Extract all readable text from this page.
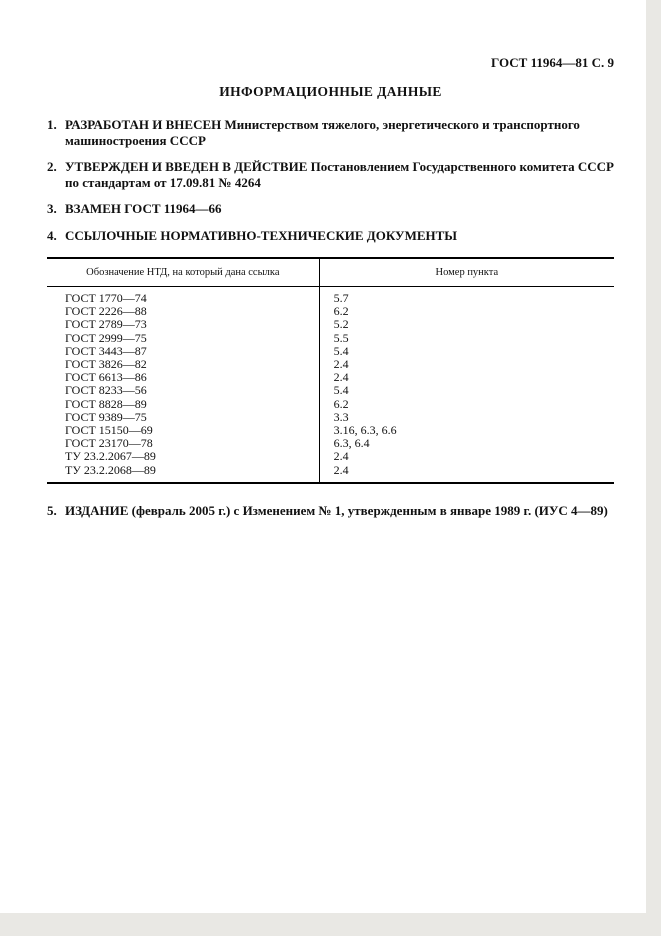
ГОСТ 11964—81 С. 9
ИНФОРМАЦИОННЫЕ ДАННЫЕ
1. РАЗРАБОТАН И ВНЕСЕН Министерством тяжелого, энергетического и транспортного машиностроения СССР
2. УТВЕРЖДЕН И ВВЕДЕН В ДЕЙСТВИЕ Постановлением Государственного комитета СССР по стандартам от 17.09.81 № 4264
3. ВЗАМЕН ГОСТ 11964—66
4. ССЫЛОЧНЫЕ НОРМАТИВНО-ТЕХНИЧЕСКИЕ ДОКУМЕНТЫ
Обозначение НТД, на который дана ссылка	Номер пункта
ГОСТ 1770—74	5.7
ГОСТ 2226—88	6.2
ГОСТ 2789—73	5.2
ГОСТ 2999—75	5.5
ГОСТ 3443—87	5.4
ГОСТ 3826—82	2.4
ГОСТ 6613—86	2.4
ГОСТ 8233—56	5.4
ГОСТ 8828—89	6.2
ГОСТ 9389—75	3.3
ГОСТ 15150—69	3.16, 6.3, 6.6
ГОСТ 23170—78	6.3, 6.4
ТУ 23.2.2067—89	2.4
ТУ 23.2.2068—89	2.4
5. ИЗДАНИЕ (февраль 2005 г.) с Изменением № 1, утвержденным в январе 1989 г. (ИУС 4—89)
